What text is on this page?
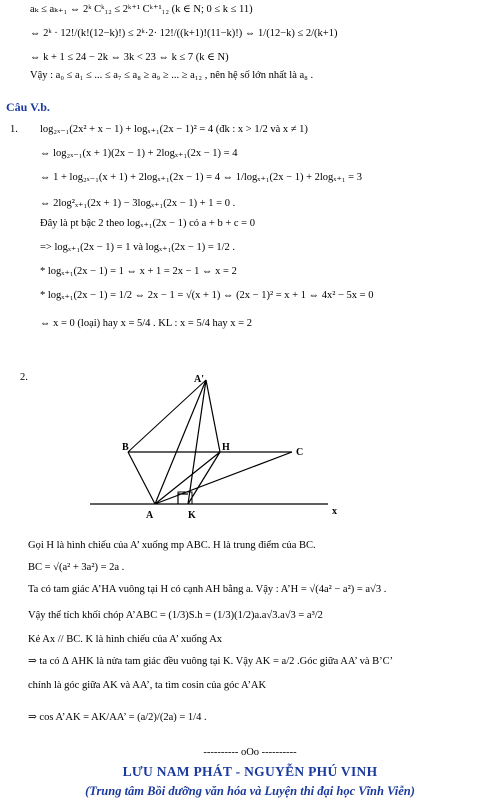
aₖ ≤ aₖ₊₁ ⇔ 2ᵏ Cᵏ₁₂ ≤ 2ᵏ⁺¹ Cᵏ⁺¹₁₂ (k ∈ N; 0 ≤ k ≤ 11)
⇔ 2ᵏ · 12!/(k!(12−k)!) ≤ 2ᵏ·2· 12!/((k+1)!(11−k)!) ⇔ 1/(12−k) ≤ 2/(k+1)
⇔ k + 1 ≤ 24 − 2k ⇔ 3k < 23 ⇔ k ≤ 7 (k ∈ N)
Vậy : a₀ ≤ a₁ ≤ ... ≤ a₇ ≤ a₈ ≥ a₉ ≥ ... ≥ a₁₂ , nên hệ số lớn nhất là a₈ .
Câu V.b.
1. log₂ₓ₋₁(2x² + x − 1) + logₓ₊₁(2x − 1)² = 4 (đk : x > 1/2 và x ≠ 1)
⇔ log₂ₓ₋₁(x + 1)(2x − 1) + 2logₓ₊₁(2x − 1) = 4
⇔ 1 + log₂ₓ₋₁(x + 1) + 2logₓ₊₁(2x − 1) = 4 ⇔ 1/logₓ₊₁(2x − 1) + 2logₓ₊₁ = 3
⇔ 2log²ₓ₊₁(2x + 1) − 3logₓ₊₁(2x − 1) + 1 = 0 .
Đây là pt bậc 2 theo logₓ₊₁(2x − 1) có a + b + c = 0
=> logₓ₊₁(2x − 1) = 1 và logₓ₊₁(2x − 1) = 1/2 .
* logₓ₊₁(2x − 1) = 1 ⇔ x + 1 = 2x − 1 ⇔ x = 2
* logₓ₊₁(2x − 1) = 1/2 ⇔ 2x − 1 = √(x + 1) ⇔ (2x − 1)² = x + 1 ⇔ 4x² − 5x = 0
⇔ x = 0 (loại) hay x = 5/4 . KL : x = 5/4 hay x = 2
2.	A′
B	H	C
A	K	x
Gọi H là hình chiếu của A’ xuống mp ABC. H là trung điểm của BC.
BC = √(a² + 3a²) = 2a .
Ta có tam giác A’HA vuông tại H có cạnh AH bằng a. Vậy : A’H = √(4a² − a²) = a√3 .
Vậy thể tích khối chóp A’ABC = (1/3)S.h = (1/3)(1/2)a.a√3.a√3 = a³/2
Kẻ Ax // BC. K là hình chiếu của A’ xuống Ax
⇒ ta có Δ AHK là nửa tam giác đều vuông tại K. Vậy AK = a/2 .Góc giữa AA’ và B’C’
chính là góc giữa AK và AA’, ta tìm cosin của góc A’AK
⇒ cos A’AK = AK/AA’ = (a/2)/(2a) = 1/4 .
---------- oOo ----------
LƯU NAM PHÁT - NGUYỄN PHÚ VINH
(Trung tâm Bồi dưỡng văn hóa và Luyện thi đại học Vĩnh Viễn)
